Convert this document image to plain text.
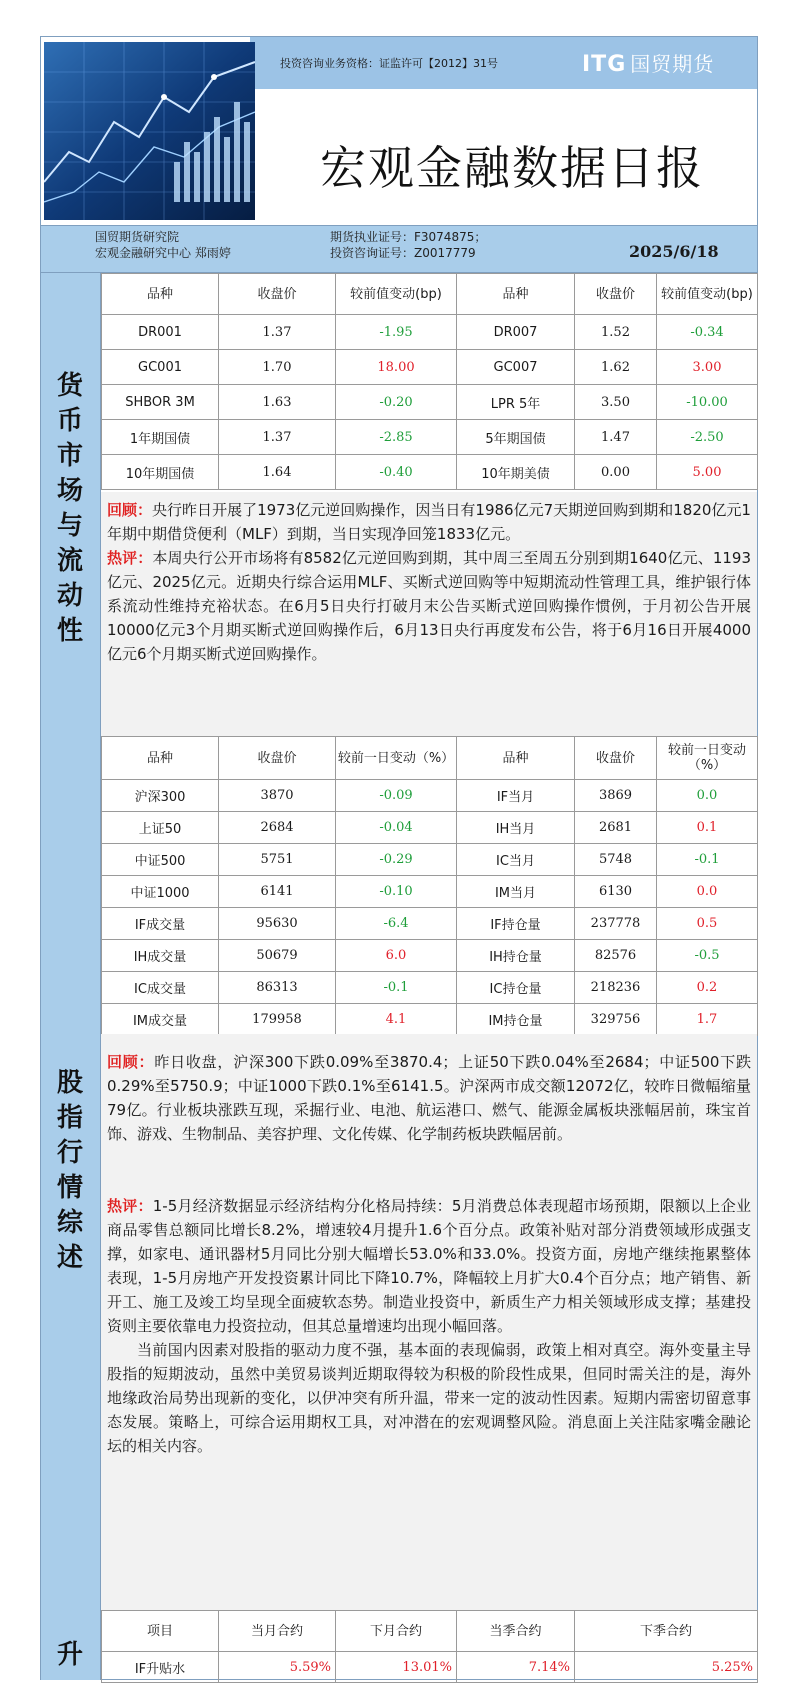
投资咨询业务资格：证监许可【2012】31号	ITG 国贸期货
宏观金融数据日报
国贸期货研究院
宏观金融研究中心 郑雨婷
期货执业证号：F3074875；
投资咨询证号：Z0017779	2025/6/18
货
币
市
场
与
流
动
性
品种	收盘价	较前值变动(bp)	品种	收盘价	较前值变动(bp)
DR001	1.37	-1.95	DR007	1.52	-0.34
GC001	1.70	18.00	GC007	1.62	3.00
SHBOR 3M	1.63	-0.20	LPR 5年	3.50	-10.00
1年期国债	1.37	-2.85	5年期国债	1.47	-2.50
10年期国债	1.64	-0.40	10年期美债	0.00	5.00
回顾：央行昨日开展了1973亿元逆回购操作，因当日有1986亿元7天期逆回购到期和1820亿元1年期中期借贷便利（MLF）到期，当日实现净回笼1833亿元。
热评：本周央行公开市场将有8582亿元逆回购到期，其中周三至周五分别到期1640亿元、1193亿元、2025亿元。近期央行综合运用MLF、买断式逆回购等中短期流动性管理工具，维护银行体系流动性维持充裕状态。在6月5日央行打破月末公告买断式逆回购操作惯例，于月初公告开展10000亿元3个月期买断式逆回购操作后，6月13日央行再度发布公告，将于6月16日开展4000亿元6个月期买断式逆回购操作。
股
指
行
情
综
述
品种	收盘价	较前一日变动（%）	品种	收盘价	较前一日变动（%）
沪深300	3870	-0.09	IF当月	3869	0.0
上证50	2684	-0.04	IH当月	2681	0.1
中证500	5751	-0.29	IC当月	5748	-0.1
中证1000	6141	-0.10	IM当月	6130	0.0
IF成交量	95630	-6.4	IF持仓量	237778	0.5
IH成交量	50679	6.0	IH持仓量	82576	-0.5
IC成交量	86313	-0.1	IC持仓量	218236	0.2
IM成交量	179958	4.1	IM持仓量	329756	1.7
回顾：昨日收盘，沪深300下跌0.09%至3870.4；上证50下跌0.04%至2684；中证500下跌0.29%至5750.9；中证1000下跌0.1%至6141.5。沪深两市成交额12072亿，较昨日微幅缩量79亿。行业板块涨跌互现，采掘行业、电池、航运港口、燃气、能源金属板块涨幅居前，珠宝首饰、游戏、生物制品、美容护理、文化传媒、化学制药板块跌幅居前。
热评：1-5月经济数据显示经济结构分化格局持续：5月消费总体表现超市场预期，限额以上企业商品零售总额同比增长8.2%，增速较4月提升1.6个百分点。政策补贴对部分消费领域形成强支撑，如家电、通讯器材5月同比分别大幅增长53.0%和33.0%。投资方面，房地产继续拖累整体表现，1-5月房地产开发投资累计同比下降10.7%，降幅较上月扩大0.4个百分点；地产销售、新开工、施工及竣工均呈现全面疲软态势。制造业投资中，新质生产力相关领域形成支撑；基建投资则主要依靠电力投资拉动，但其总量增速均出现小幅回落。
当前国内因素对股指的驱动力度不强，基本面的表现偏弱，政策上相对真空。海外变量主导股指的短期波动，虽然中美贸易谈判近期取得较为积极的阶段性成果，但同时需关注的是，海外地缘政治局势出现新的变化，以伊冲突有所升温，带来一定的波动性因素。短期内需密切留意事态发展。策略上，可综合运用期权工具，对冲潜在的宏观调整风险。消息面上关注陆家嘴金融论坛的相关内容。
升
项目	当月合约	下月合约	当季合约	下季合约
IF升贴水	5.59%	13.01%	7.14%	5.25%
